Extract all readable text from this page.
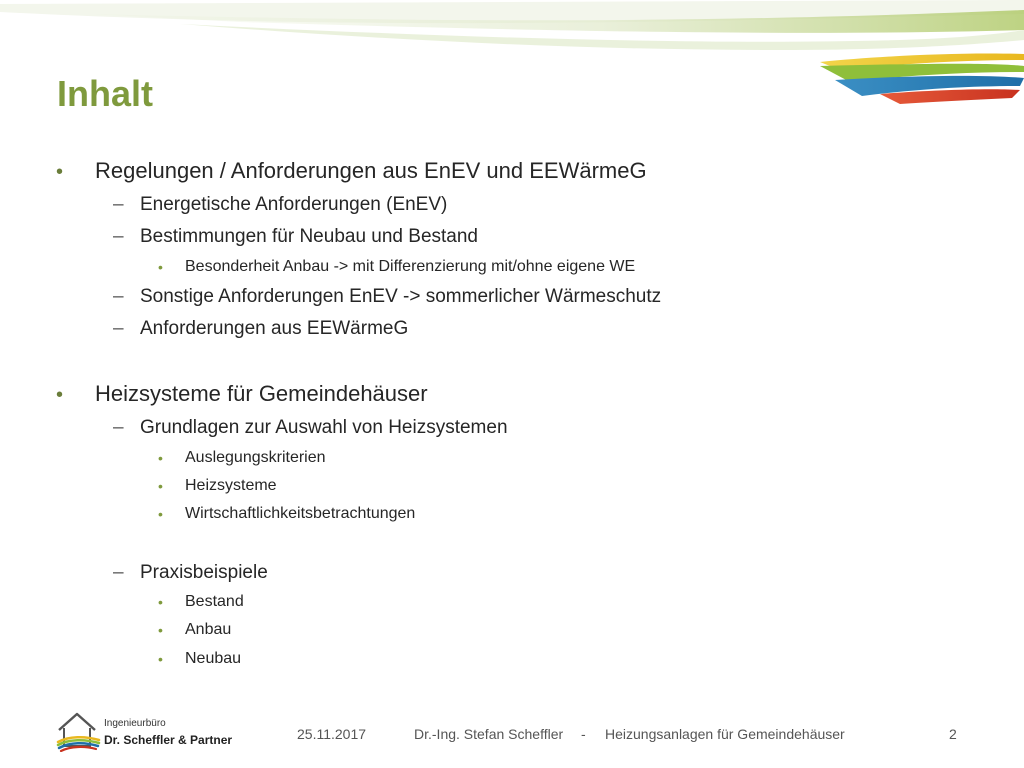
Inhalt
• Regelungen / Anforderungen aus EnEV und EEWärmeG
– Energetische Anforderungen (EnEV)
– Bestimmungen für Neubau und Bestand
• Besonderheit Anbau -> mit Differenzierung mit/ohne eigene WE
– Sonstige Anforderungen EnEV -> sommerlicher Wärmeschutz
– Anforderungen aus EEWärmeG
• Heizsysteme für Gemeindehäuser
– Grundlagen zur Auswahl von Heizsystemen
• Auslegungskriterien
• Heizsysteme
• Wirtschaftlichkeitsbetrachtungen
– Praxisbeispiele
• Bestand
• Anbau
• Neubau
Ingenieurbüro
Dr. Scheffler & Partner	25.11.2017	Dr.-Ing. Stefan Scheffler - Heizungsanlagen für Gemeindehäuser	2
